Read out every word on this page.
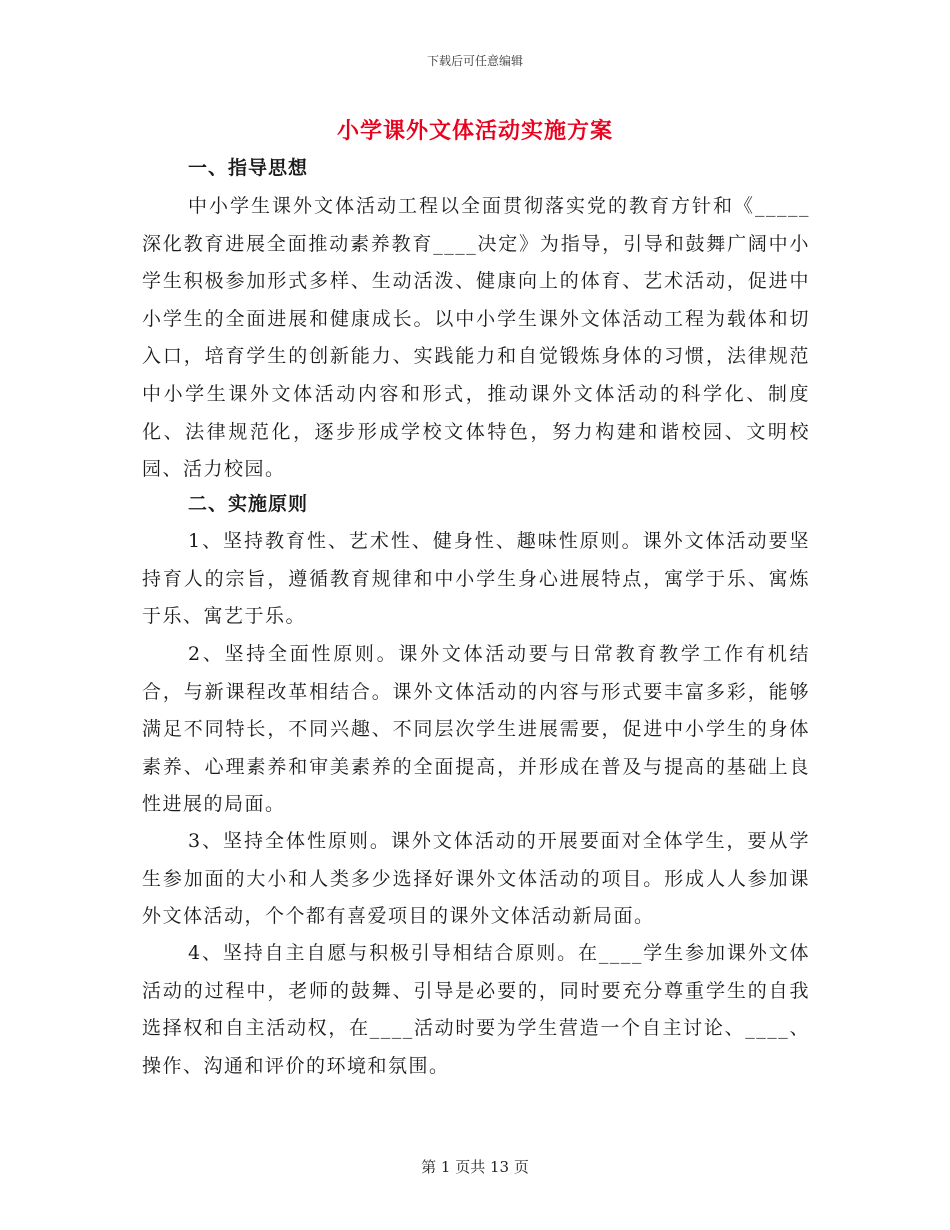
下载后可任意编辑
小学课外文体活动实施方案
一、指导思想

中小学生课外文体活动工程以全面贯彻落实党的教育方针和《_____深化教育进展全面推动素养教育____决定》为指导，引导和鼓舞广阔中小学生积极参加形式多样、生动活泼、健康向上的体育、艺术活动，促进中小学生的全面进展和健康成长。以中小学生课外文体活动工程为载体和切入口，培育学生的创新能力、实践能力和自觉锻炼身体的习惯，法律规范中小学生课外文体活动内容和形式，推动课外文体活动的科学化、制度化、法律规范化，逐步形成学校文体特色，努力构建和谐校园、文明校园、活力校园。

二、实施原则

1、坚持教育性、艺术性、健身性、趣味性原则。课外文体活动要坚持育人的宗旨，遵循教育规律和中小学生身心进展特点，寓学于乐、寓炼于乐、寓艺于乐。

2、坚持全面性原则。课外文体活动要与日常教育教学工作有机结合，与新课程改革相结合。课外文体活动的内容与形式要丰富多彩，能够满足不同特长，不同兴趣、不同层次学生进展需要，促进中小学生的身体素养、心理素养和审美素养的全面提高，并形成在普及与提高的基础上良性进展的局面。

3、坚持全体性原则。课外文体活动的开展要面对全体学生，要从学生参加面的大小和人类多少选择好课外文体活动的项目。形成人人参加课外文体活动，个个都有喜爱项目的课外文体活动新局面。

4、坚持自主自愿与积极引导相结合原则。在____学生参加课外文体活动的过程中，老师的鼓舞、引导是必要的，同时要充分尊重学生的自我选择权和自主活动权，在____活动时要为学生营造一个自主讨论、____、操作、沟通和评价的环境和氛围。

第 1 页共 13 页
